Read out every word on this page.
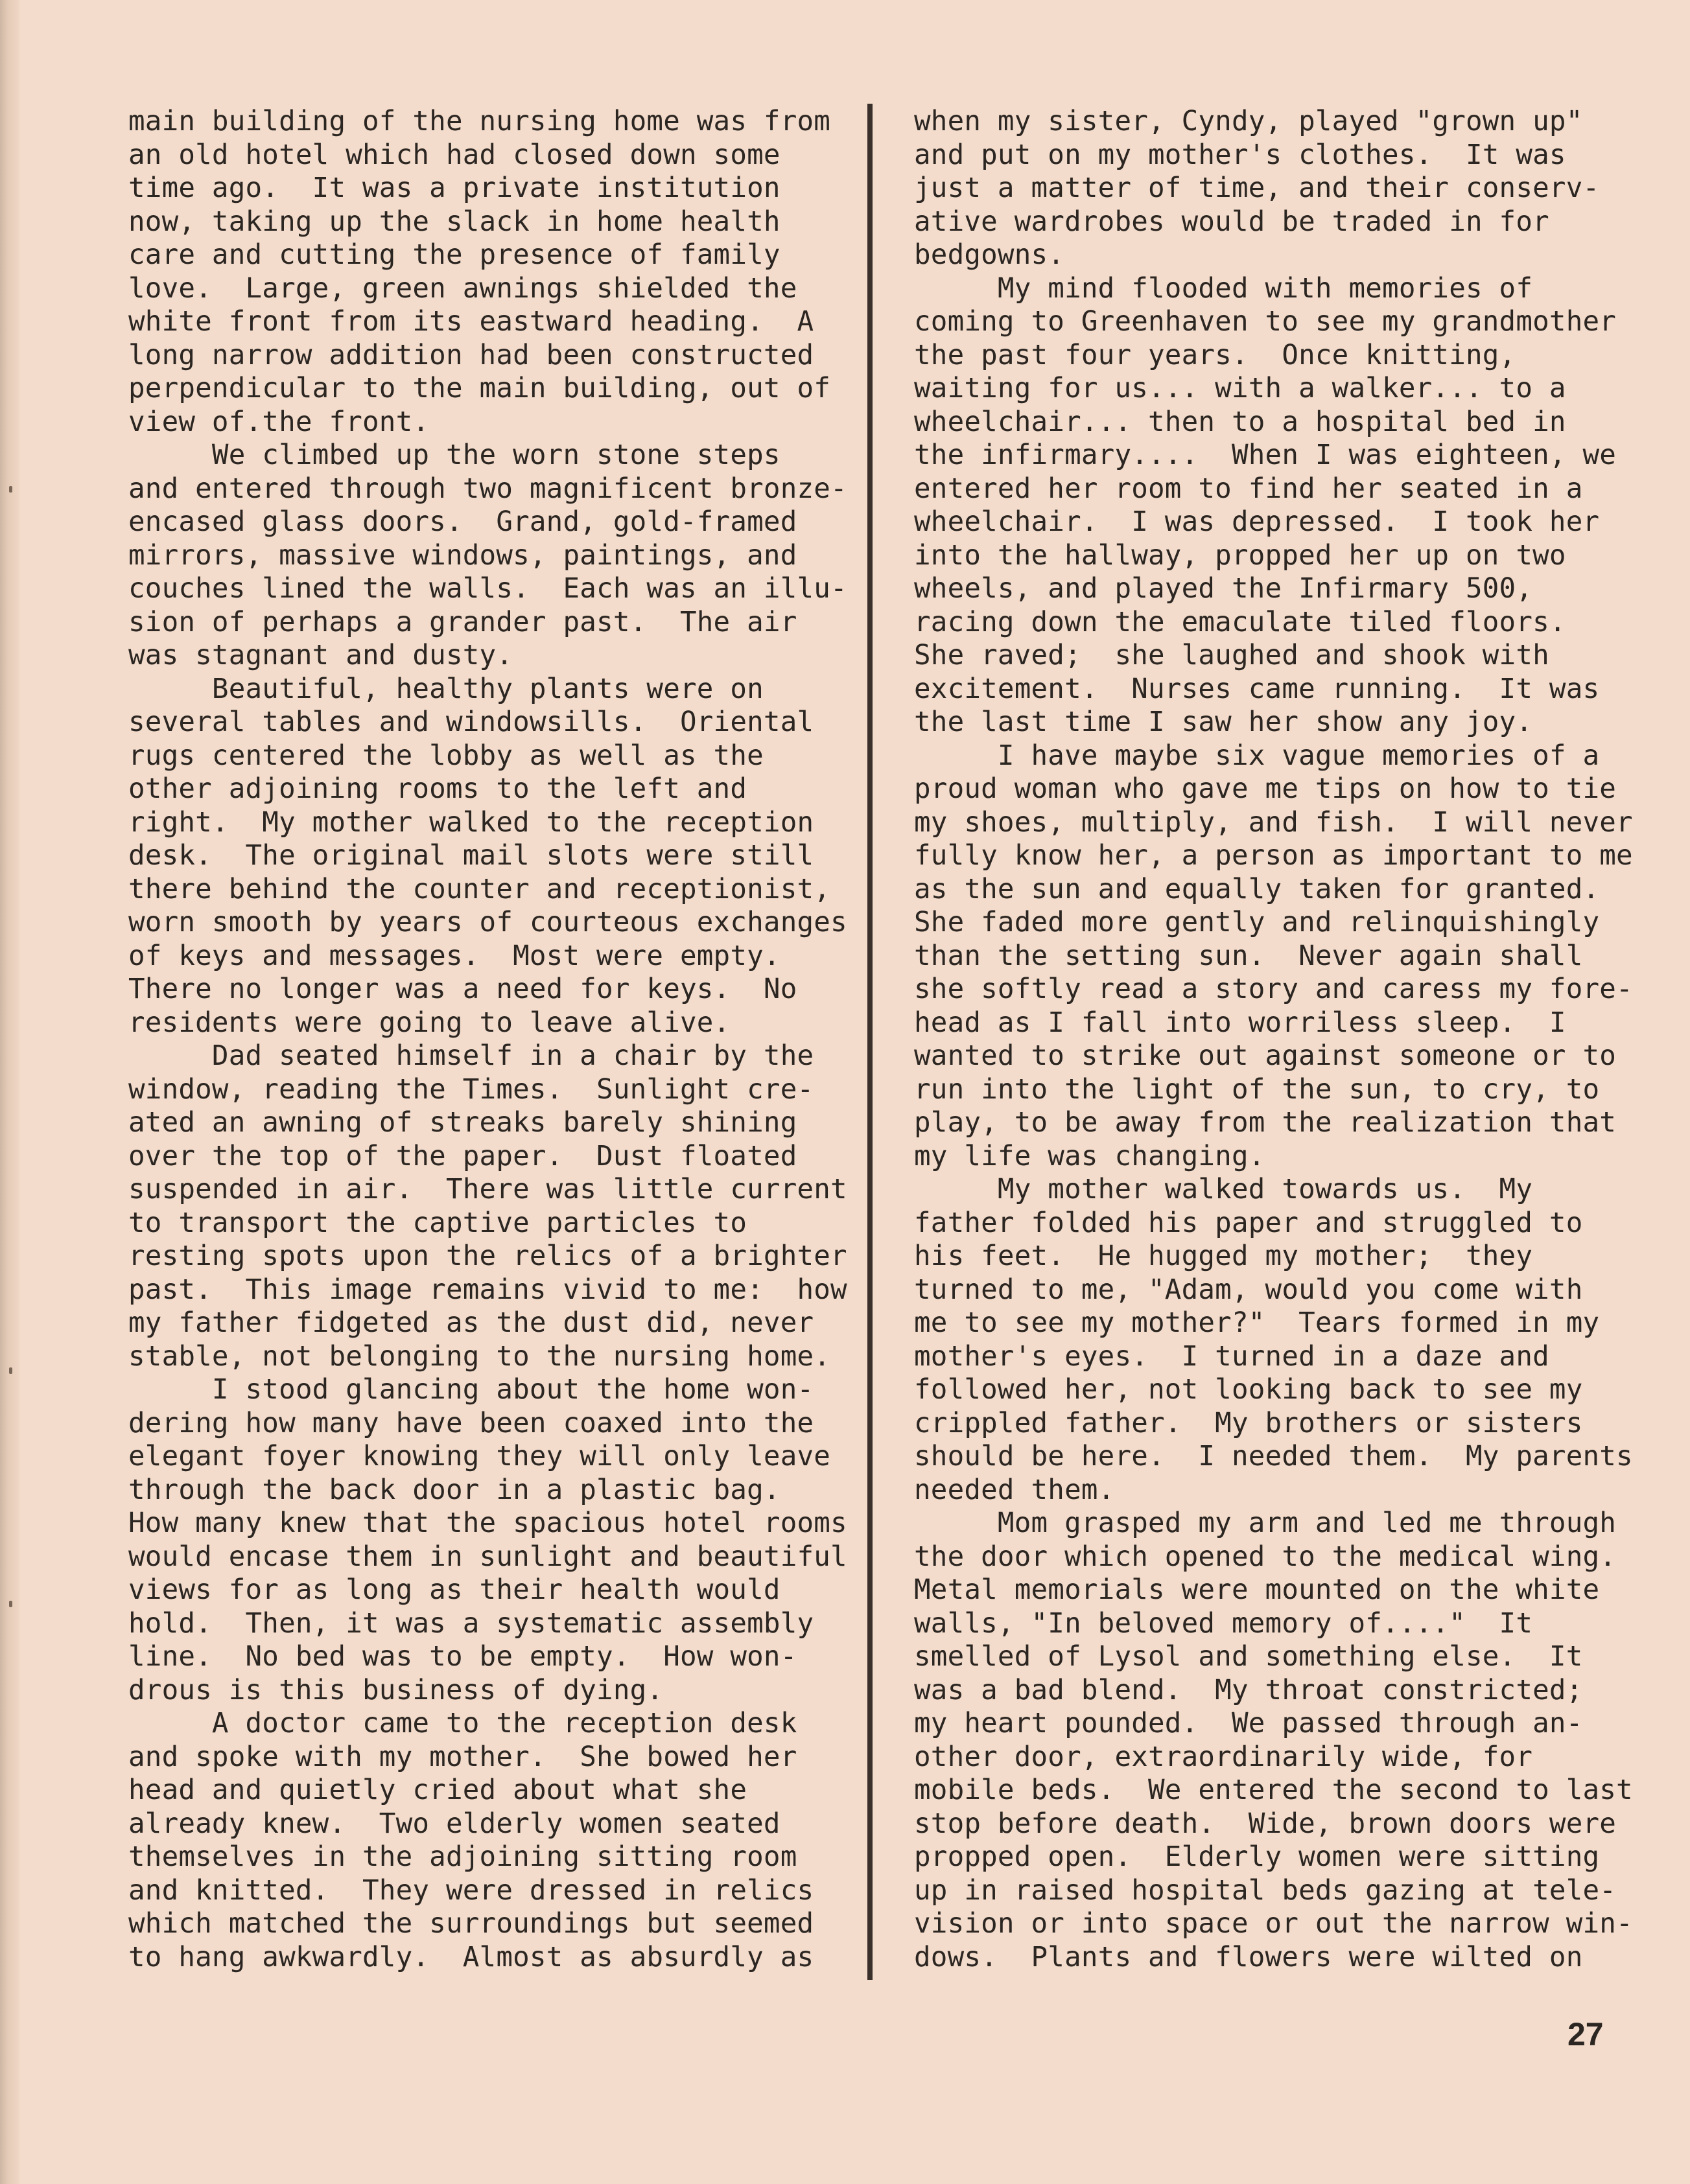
main building of the nursing home was from
an old hotel which had closed down some
time ago.  It was a private institution
now, taking up the slack in home health
care and cutting the presence of family
love.  Large, green awnings shielded the
white front from its eastward heading.  A
long narrow addition had been constructed
perpendicular to the main building, out of
view of.the front.
We climbed up the worn stone steps
and entered through two magnificent bronze-
encased glass doors.  Grand, gold-framed
mirrors, massive windows, paintings, and
couches lined the walls.  Each was an illu-
sion of perhaps a grander past.  The air
was stagnant and dusty.
Beautiful, healthy plants were on
several tables and windowsills.  Oriental
rugs centered the lobby as well as the
other adjoining rooms to the left and
right.  My mother walked to the reception
desk.  The original mail slots were still
there behind the counter and receptionist,
worn smooth by years of courteous exchanges
of keys and messages.  Most were empty.
There no longer was a need for keys.  No
residents were going to leave alive.
Dad seated himself in a chair by the
window, reading the Times.  Sunlight cre-
ated an awning of streaks barely shining
over the top of the paper.  Dust floated
suspended in air.  There was little current
to transport the captive particles to
resting spots upon the relics of a brighter
past.  This image remains vivid to me:  how
my father fidgeted as the dust did, never
stable, not belonging to the nursing home.
I stood glancing about the home won-
dering how many have been coaxed into the
elegant foyer knowing they will only leave
through the back door in a plastic bag.
How many knew that the spacious hotel rooms
would encase them in sunlight and beautiful
views for as long as their health would
hold.  Then, it was a systematic assembly
line.  No bed was to be empty.  How won-
drous is this business of dying.
A doctor came to the reception desk
and spoke with my mother.  She bowed her
head and quietly cried about what she
already knew.  Two elderly women seated
themselves in the adjoining sitting room
and knitted.  They were dressed in relics
which matched the surroundings but seemed
to hang awkwardly.  Almost as absurdly as
when my sister, Cyndy, played "grown up"
and put on my mother's clothes.  It was
just a matter of time, and their conserv-
ative wardrobes would be traded in for
bedgowns.
My mind flooded with memories of
coming to Greenhaven to see my grandmother
the past four years.  Once knitting,
waiting for us... with a walker... to a
wheelchair... then to a hospital bed in
the infirmary....  When I was eighteen, we
entered her room to find her seated in a
wheelchair.  I was depressed.  I took her
into the hallway, propped her up on two
wheels, and played the Infirmary 500,
racing down the emaculate tiled floors.
She raved;  she laughed and shook with
excitement.  Nurses came running.  It was
the last time I saw her show any joy.
I have maybe six vague memories of a
proud woman who gave me tips on how to tie
my shoes, multiply, and fish.  I will never
fully know her, a person as important to me
as the sun and equally taken for granted.
She faded more gently and relinquishingly
than the setting sun.  Never again shall
she softly read a story and caress my fore-
head as I fall into worriless sleep.  I
wanted to strike out against someone or to
run into the light of the sun, to cry, to
play, to be away from the realization that
my life was changing.
My mother walked towards us.  My
father folded his paper and struggled to
his feet.  He hugged my mother;  they
turned to me, "Adam, would you come with
me to see my mother?"  Tears formed in my
mother's eyes.  I turned in a daze and
followed her, not looking back to see my
crippled father.  My brothers or sisters
should be here.  I needed them.  My parents
needed them.
Mom grasped my arm and led me through
the door which opened to the medical wing.
Metal memorials were mounted on the white
walls, "In beloved memory of...."  It
smelled of Lysol and something else.  It
was a bad blend.  My throat constricted;
my heart pounded.  We passed through an-
other door, extraordinarily wide, for
mobile beds.  We entered the second to last
stop before death.  Wide, brown doors were
propped open.  Elderly women were sitting
up in raised hospital beds gazing at tele-
vision or into space or out the narrow win-
dows.  Plants and flowers were wilted on
27
